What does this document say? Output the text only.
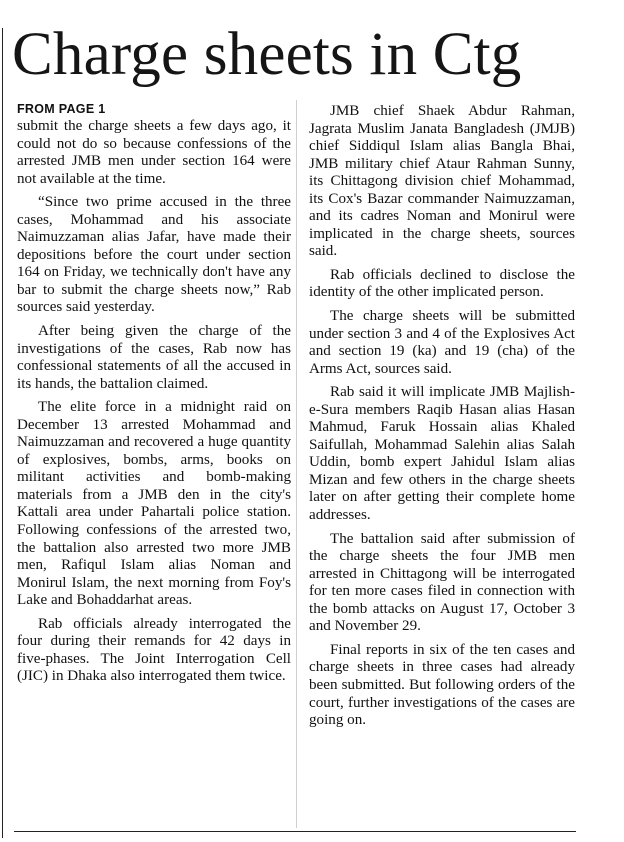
Charge sheets in Ctg
FROM PAGE 1

submit the charge sheets a few days ago, it could not do so because confessions of the arrested JMB men under section 164 were not available at the time.

“Since two prime accused in the three cases, Mohammad and his associate Naimuzzaman alias Jafar, have made their depositions before the court under section 164 on Friday, we technically don't have any bar to submit the charge sheets now,” Rab sources said yesterday.

After being given the charge of the investigations of the cases, Rab now has confessional statements of all the accused in its hands, the battalion claimed.

The elite force in a midnight raid on December 13 arrested Mohammad and Naimuzzaman and recovered a huge quantity of explosives, bombs, arms, books on militant activities and bomb-making materials from a JMB den in the city's Kattali area under Pahartali police station. Following confessions of the arrested two, the battalion also arrested two more JMB men, Rafiqul Islam alias Noman and Monirul Islam, the next morning from Foy's Lake and Bohaddarhat areas.

Rab officials already interrogated the four during their remands for 42 days in five-phases. The Joint Interrogation Cell (JIC) in Dhaka also interrogated them twice.

JMB chief Shaek Abdur Rahman, Jagrata Muslim Janata Bangladesh (JMJB) chief Siddiqul Islam alias Bangla Bhai, JMB military chief Ataur Rahman Sunny, its Chittagong division chief Mohammad, its Cox's Bazar commander Naimuzzaman, and its cadres Noman and Monirul were implicated in the charge sheets, sources said.

Rab officials declined to disclose the identity of the other implicated person.

The charge sheets will be submitted under section 3 and 4 of the Explosives Act and section 19 (ka) and 19 (cha) of the Arms Act, sources said.

Rab said it will implicate JMB Majlish-e-Sura members Raqib Hasan alias Hasan Mahmud, Faruk Hossain alias Khaled Saifullah, Mohammad Salehin alias Salah Uddin, bomb expert Jahidul Islam alias Mizan and few others in the charge sheets later on after getting their complete home addresses.

The battalion said after submission of the charge sheets the four JMB men arrested in Chittagong will be interrogated for ten more cases filed in connection with the bomb attacks on August 17, October 3 and November 29.

Final reports in six of the ten cases and charge sheets in three cases had already been submitted. But following orders of the court, further investigations of the cases are going on.
